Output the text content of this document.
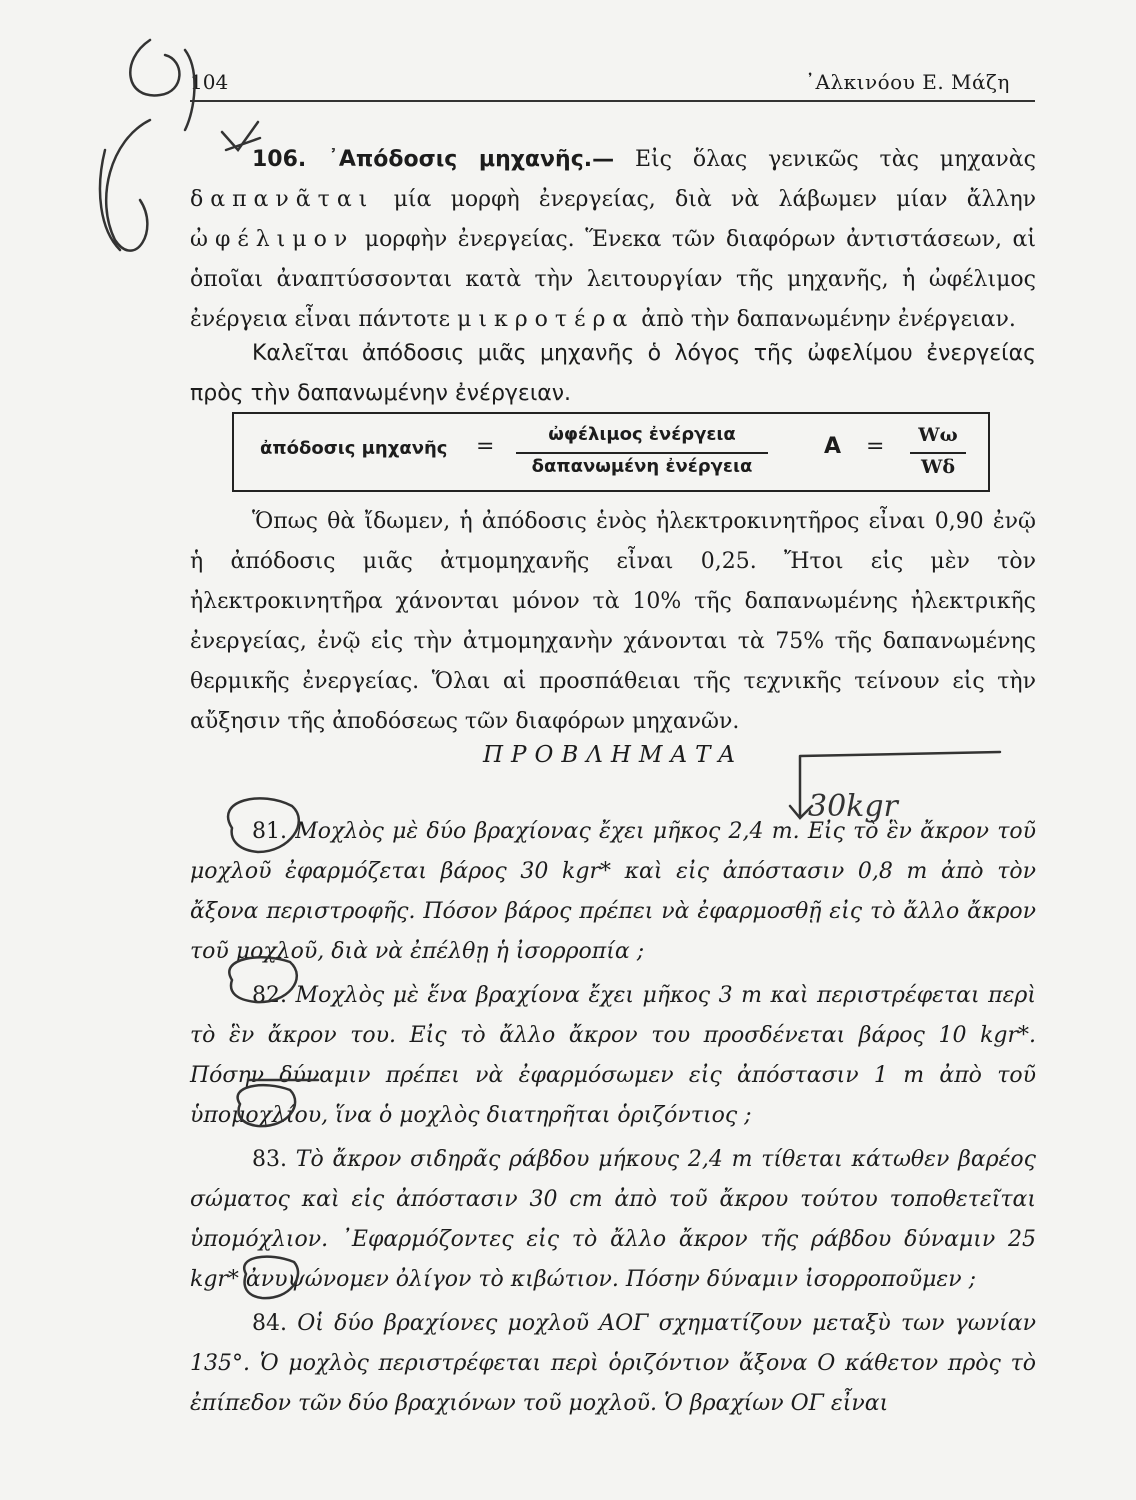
104	᾿Αλκινόου Ε. Μάζη

106. ᾿Απόδοσις μηχανῆς.— Εἰς ὅλας γενικῶς τὰς μηχανὰς δαπανᾶται μία μορφὴ ἐνεργείας, διὰ νὰ λάβωμεν μίαν ἄλλην ὠφέλιμον μορφὴν ἐνεργείας. Ἕνεκα τῶν διαφόρων ἀντιστάσεων, αἱ ὁποῖαι ἀναπτύσσονται κατὰ τὴν λειτουργίαν τῆς μηχανῆς, ἡ ὠφέλιμος ἐνέργεια εἶναι πάντοτε μικροτέρα ἀπὸ τὴν δαπανωμένην ἐνέργειαν.

Καλεῖται ἀπόδοσις μιᾶς μηχανῆς ὁ λόγος τῆς ὠφελίμου ἐνεργείας πρὸς τὴν δαπανωμένην ἐνέργειαν.

ἀπόδοσις μηχανῆς =	ὠφέλιμος ἐνέργεια
δαπανωμένη ἐνέργεια
A =	Wω
Wδ

Ὅπως θὰ ἴδωμεν, ἡ ἀπόδοσις ἑνὸς ἠλεκτροκινητῆρος εἶναι 0,90 ἐνῷ ἡ ἀπόδοσις μιᾶς ἀτμομηχανῆς εἶναι 0,25. Ἤτοι εἰς μὲν τὸν ἠλεκτροκινητῆρα χάνονται μόνον τὰ 10% τῆς δαπανωμένης ἠλεκτρικῆς ἐνεργείας, ἐνῷ εἰς τὴν ἀτμομηχανὴν χάνονται τὰ 75% τῆς δαπανωμένης θερμικῆς ἐνεργείας. Ὅλαι αἱ προσπάθειαι τῆς τεχνικῆς τείνουν εἰς τὴν αὔξησιν τῆς ἀποδόσεως τῶν διαφόρων μηχανῶν.

ΠΡΟΒΛΗΜΑΤΑ

81. Μοχλὸς μὲ δύο βραχίονας ἔχει μῆκος 2,4 m. Εἰς τὸ ἓν ἄκρον τοῦ μοχλοῦ ἐφαρμόζεται βάρος 30 kgr* καὶ εἰς ἀπόστασιν 0,8 m ἀπὸ τὸν ἄξονα περιστροφῆς. Πόσον βάρος πρέπει νὰ ἐφαρμοσθῇ εἰς τὸ ἄλλο ἄκρον τοῦ μοχλοῦ, διὰ νὰ ἐπέλθῃ ἡ ἰσορροπία ;

82. Μοχλὸς μὲ ἕνα βραχίονα ἔχει μῆκος 3 m καὶ περιστρέφεται περὶ τὸ ἓν ἄκρον του. Εἰς τὸ ἄλλο ἄκρον του προσδένεται βάρος 10 kgr*. Πόσην δύναμιν πρέπει νὰ ἐφαρμόσωμεν εἰς ἀπόστασιν 1 m ἀπὸ τοῦ ὑπομοχλίου, ἵνα ὁ μοχλὸς διατηρῆται ὁριζόντιος ;

83. Τὸ ἄκρον σιδηρᾶς ράβδου μήκους 2,4 m τίθεται κάτωθεν βαρέος σώματος καὶ εἰς ἀπόστασιν 30 cm ἀπὸ τοῦ ἄκρου τούτου τοποθετεῖται ὑπομόχλιον. ᾿Εφαρμόζοντες εἰς τὸ ἄλλο ἄκρον τῆς ράβδου δύναμιν 25 kgr* ἀνυψώνομεν ὀλίγον τὸ κιβώτιον. Πόσην δύναμιν ἰσορροποῦμεν ;

84. Οἱ δύο βραχίονες μοχλοῦ ΑΟΓ σχηματίζουν μεταξὺ των γωνίαν 135°. Ὁ μοχλὸς περιστρέφεται περὶ ὁριζόντιον ἄξονα Ο κάθετον πρὸς τὸ ἐπίπεδον τῶν δύο βραχιόνων τοῦ μοχλοῦ. Ὁ βραχίων ΟΓ εἶναι

30kgr
